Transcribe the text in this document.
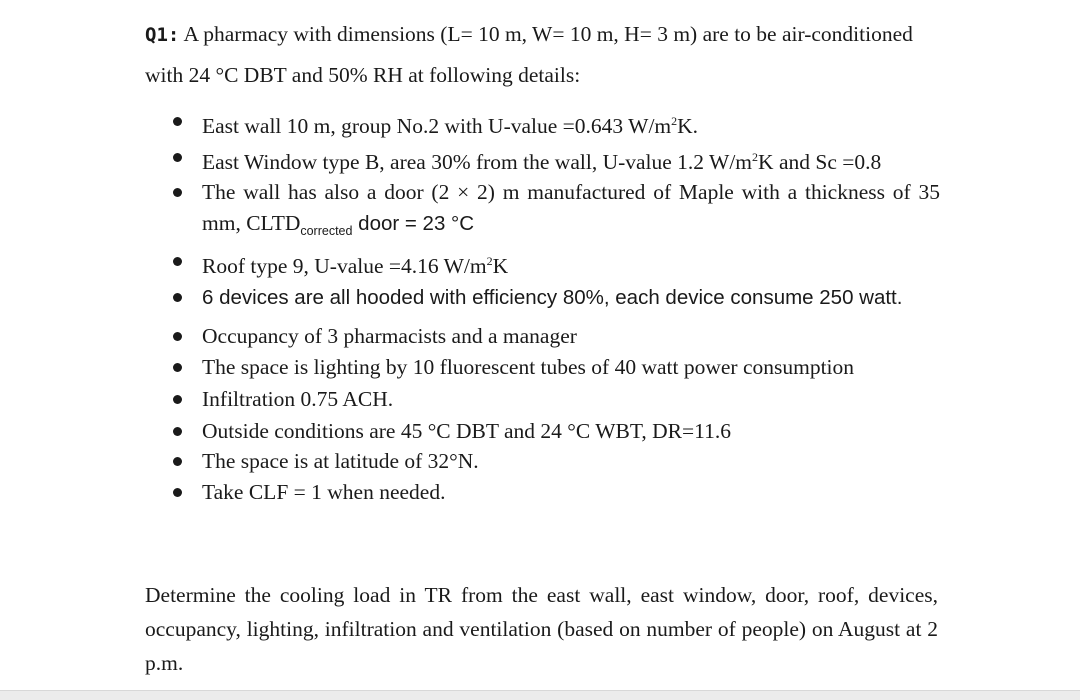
Q1: A pharmacy with dimensions (L= 10 m, W= 10 m, H= 3 m) are to be air-conditioned with 24 °C DBT and 50% RH at following details:

East wall 10 m, group No.2 with U-value =0.643 $W/m^2K$.
East Window type B, area 30% from the wall, U-value 1.2 $W/m^2K$ and Sc =0.8
The wall has also a door (2 × 2) m manufactured of Maple with a thickness of 35 mm, $CLTD_{corrected}$ door = 23 °C
Roof type 9, U-value =4.16 $W/m^2K$
6 devices are all hooded with efficiency 80%, each device consume 250 watt.
Occupancy of 3 pharmacists and a manager
The space is lighting by 10 fluorescent tubes of 40 watt power consumption
Infiltration 0.75 ACH.
Outside conditions are 45 °C DBT and 24 °C WBT, DR=11.6
The space is at latitude of 32°N.
Take CLF = 1 when needed.

Determine the cooling load in TR from the east wall, east window, door, roof, devices, occupancy, lighting, infiltration and ventilation (based on number of people) on August at 2 p.m.
